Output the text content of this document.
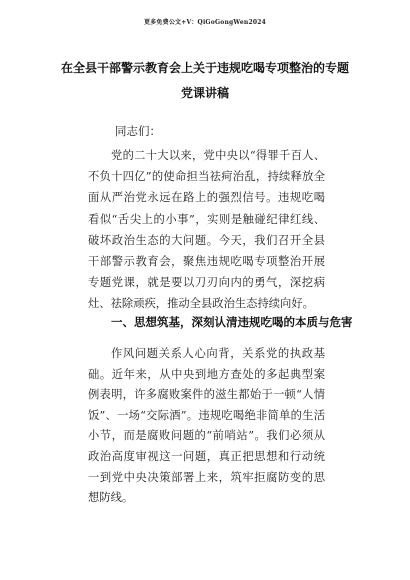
更多免费公文+V：QiGoGongWen2024
在全县干部警示教育会上关于违规吃喝专项整治的专题党课讲稿
同志们：

党的二十大以来，党中央以“得罪千百人、不负十四亿”的使命担当祛疴治乱，持续释放全面从严治党永远在路上的强烈信号。违规吃喝看似“舌尖上的小事”，实则是触碰纪律红线、破坏政治生态的大问题。今天，我们召开全县干部警示教育会，聚焦违规吃喝专项整治开展专题党课，就是要以刀刃向内的勇气，深挖病灶、祛除顽疾，推动全县政治生态持续向好。

一、思想筑基，深刻认清违规吃喝的本质与危害

作风问题关系人心向背，关系党的执政基础。近年来，从中央到地方查处的多起典型案例表明，许多腐败案件的滋生都始于一顿“人情饭”、一场“交际酒”。违规吃喝绝非简单的生活小节，而是腐败问题的“前哨站”。我们必须从政治高度审视这一问题，真正把思想和行动统一到党中央决策部署上来，筑牢拒腐防变的思想防线。
